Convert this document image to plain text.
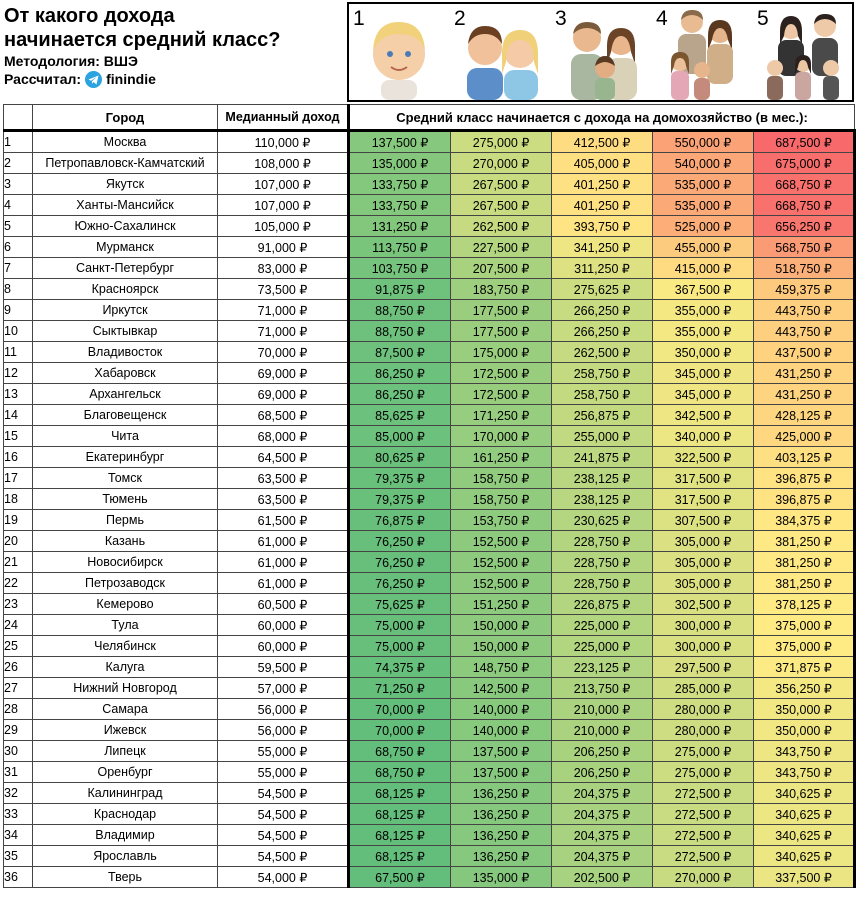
От какого дохода
начинается средний класс?
Методология: ВШЭ
Рассчитал: finindie
1	2	3	4	5
	Город	Медианный доход	Средний класс начинается с дохода на домохозяйство (в мес.):				
1	Москва	110,000 ₽	137,500 ₽	275,000 ₽	412,500 ₽	550,000 ₽	687,500 ₽
2	Петропавловск-Камчатский	108,000 ₽	135,000 ₽	270,000 ₽	405,000 ₽	540,000 ₽	675,000 ₽
3	Якутск	107,000 ₽	133,750 ₽	267,500 ₽	401,250 ₽	535,000 ₽	668,750 ₽
4	Ханты-Мансийск	107,000 ₽	133,750 ₽	267,500 ₽	401,250 ₽	535,000 ₽	668,750 ₽
5	Южно-Сахалинск	105,000 ₽	131,250 ₽	262,500 ₽	393,750 ₽	525,000 ₽	656,250 ₽
6	Мурманск	91,000 ₽	113,750 ₽	227,500 ₽	341,250 ₽	455,000 ₽	568,750 ₽
7	Санкт-Петербург	83,000 ₽	103,750 ₽	207,500 ₽	311,250 ₽	415,000 ₽	518,750 ₽
8	Красноярск	73,500 ₽	91,875 ₽	183,750 ₽	275,625 ₽	367,500 ₽	459,375 ₽
9	Иркутск	71,000 ₽	88,750 ₽	177,500 ₽	266,250 ₽	355,000 ₽	443,750 ₽
10	Сыктывкар	71,000 ₽	88,750 ₽	177,500 ₽	266,250 ₽	355,000 ₽	443,750 ₽
11	Владивосток	70,000 ₽	87,500 ₽	175,000 ₽	262,500 ₽	350,000 ₽	437,500 ₽
12	Хабаровск	69,000 ₽	86,250 ₽	172,500 ₽	258,750 ₽	345,000 ₽	431,250 ₽
13	Архангельск	69,000 ₽	86,250 ₽	172,500 ₽	258,750 ₽	345,000 ₽	431,250 ₽
14	Благовещенск	68,500 ₽	85,625 ₽	171,250 ₽	256,875 ₽	342,500 ₽	428,125 ₽
15	Чита	68,000 ₽	85,000 ₽	170,000 ₽	255,000 ₽	340,000 ₽	425,000 ₽
16	Екатеринбург	64,500 ₽	80,625 ₽	161,250 ₽	241,875 ₽	322,500 ₽	403,125 ₽
17	Томск	63,500 ₽	79,375 ₽	158,750 ₽	238,125 ₽	317,500 ₽	396,875 ₽
18	Тюмень	63,500 ₽	79,375 ₽	158,750 ₽	238,125 ₽	317,500 ₽	396,875 ₽
19	Пермь	61,500 ₽	76,875 ₽	153,750 ₽	230,625 ₽	307,500 ₽	384,375 ₽
20	Казань	61,000 ₽	76,250 ₽	152,500 ₽	228,750 ₽	305,000 ₽	381,250 ₽
21	Новосибирск	61,000 ₽	76,250 ₽	152,500 ₽	228,750 ₽	305,000 ₽	381,250 ₽
22	Петрозаводск	61,000 ₽	76,250 ₽	152,500 ₽	228,750 ₽	305,000 ₽	381,250 ₽
23	Кемерово	60,500 ₽	75,625 ₽	151,250 ₽	226,875 ₽	302,500 ₽	378,125 ₽
24	Тула	60,000 ₽	75,000 ₽	150,000 ₽	225,000 ₽	300,000 ₽	375,000 ₽
25	Челябинск	60,000 ₽	75,000 ₽	150,000 ₽	225,000 ₽	300,000 ₽	375,000 ₽
26	Калуга	59,500 ₽	74,375 ₽	148,750 ₽	223,125 ₽	297,500 ₽	371,875 ₽
27	Нижний Новгород	57,000 ₽	71,250 ₽	142,500 ₽	213,750 ₽	285,000 ₽	356,250 ₽
28	Самара	56,000 ₽	70,000 ₽	140,000 ₽	210,000 ₽	280,000 ₽	350,000 ₽
29	Ижевск	56,000 ₽	70,000 ₽	140,000 ₽	210,000 ₽	280,000 ₽	350,000 ₽
30	Липецк	55,000 ₽	68,750 ₽	137,500 ₽	206,250 ₽	275,000 ₽	343,750 ₽
31	Оренбург	55,000 ₽	68,750 ₽	137,500 ₽	206,250 ₽	275,000 ₽	343,750 ₽
32	Калининград	54,500 ₽	68,125 ₽	136,250 ₽	204,375 ₽	272,500 ₽	340,625 ₽
33	Краснодар	54,500 ₽	68,125 ₽	136,250 ₽	204,375 ₽	272,500 ₽	340,625 ₽
34	Владимир	54,500 ₽	68,125 ₽	136,250 ₽	204,375 ₽	272,500 ₽	340,625 ₽
35	Ярославль	54,500 ₽	68,125 ₽	136,250 ₽	204,375 ₽	272,500 ₽	340,625 ₽
36	Тверь	54,000 ₽	67,500 ₽	135,000 ₽	202,500 ₽	270,000 ₽	337,500 ₽
